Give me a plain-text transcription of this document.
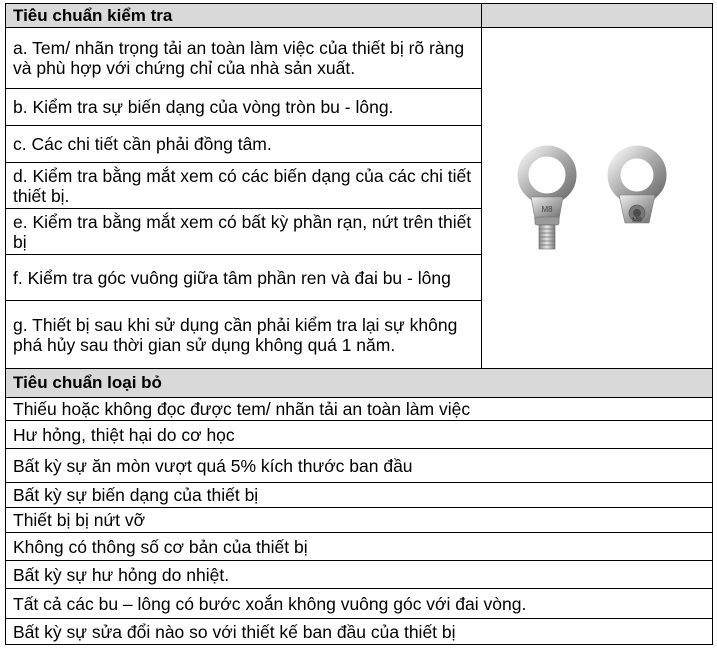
Tiêu chuẩn kiểm tra	
a. Tem/ nhãn trọng tải an toàn làm việc của thiết bị rõ ràng và phù hợp với chứng chỉ của nhà sản xuất.	M8
M8

b. Kiểm tra sự biến dạng của vòng tròn bu - lông.	
c. Các chi tiết cần phải đồng tâm.	
d. Kiểm tra bằng mắt xem có các biến dạng của các chi tiết thiết bị.	
e. Kiểm tra bằng mắt xem có bất kỳ phần rạn, nứt trên thiết bị	
f. Kiểm tra góc vuông giữa tâm phần ren và đai bu - lông	
g. Thiết bị sau khi sử dụng cần phải kiểm tra lại sự không phá hủy sau thời gian sử dụng không quá 1 năm.	
Tiêu chuẩn loại bỏ	
Thiếu hoặc không đọc được tem/ nhãn tải an toàn làm việc	
Hư hỏng, thiệt hại do cơ học	
Bất kỳ sự ăn mòn vượt quá 5% kích thước ban đầu	
Bất kỳ sự biến dạng của thiết bị	
Thiết bị bị nứt vỡ	
Không có thông số cơ bản của thiết bị	
Bất kỳ sự hư hỏng do nhiệt.	
Tất cả các bu – lông có bước xoắn không vuông góc với đai vòng.	
Bất kỳ sự sửa đổi nào so với thiết kế ban đầu của thiết bị	
